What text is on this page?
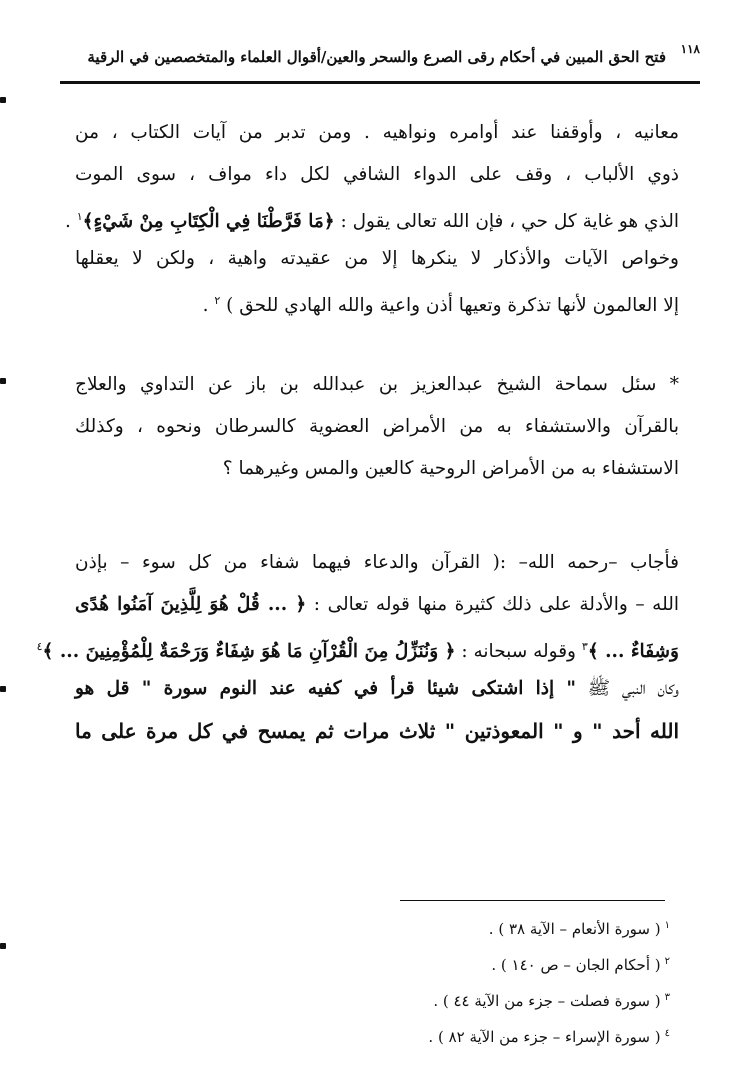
١١٨
فتح الحق المبين في أحكام رقى الصرع والسحر والعين/أقوال العلماء والمتخصصين في الرقية
معانيه ، وأوقفنا عند أوامره ونواهيه . ومن تدبر من آيات الكتاب ، من
ذوي الألباب ، وقف على الدواء الشافي لكل داء مواف ، سوى الموت
الذي هو غاية كل حي ، فإن الله تعالى يقول : ﴿مَا فَرَّطْنَا فِي الْكِتَابِ مِنْ شَيْءٍ﴾$^١$ .
وخواص الآيات والأذكار لا ينكرها إلا من عقيدته واهية ، ولكن لا يعقلها
إلا العالمون لأنها تذكرة وتعيها أذن واعية والله الهادي للحق ) $^٢$ .
* سئل سماحة الشيخ عبدالعزيز بن عبدالله بن باز عن التداوي والعلاج
بالقرآن والاستشفاء به من الأمراض العضوية كالسرطان ونحوه ، وكذلك
الاستشفاء به من الأمراض الروحية كالعين والمس وغيرهما ؟
فأجاب –رحمه الله– :( القرآن والدعاء فيهما شفاء من كل سوء – بإذن
الله – والأدلة على ذلك كثيرة منها قوله تعالى : ﴿ ... قُلْ هُوَ لِلَّذِينَ آمَنُوا هُدًى
وَشِفَاءٌ ... ﴾$^٣$ وقوله سبحانه : ﴿ وَنُنَزِّلُ مِنَ الْقُرْآنِ مَا هُوَ شِفَاءٌ وَرَحْمَةٌ لِلْمُؤْمِنِينَ ... ﴾$^٤$
وكان النبي ﷺ " إذا اشتكى شيئا قرأ في كفيه عند النوم سورة " قل هو
الله أحد " و " المعوذتين " ثلاث مرات ثم يمسح في كل مرة على ما
$^١$( سورة الأنعام – الآية ٣٨ ) .
$^٢$( أحكام الجان – ص ١٤٠ ) .
$^٣$( سورة فصلت – جزء من الآية ٤٤ ) .
$^٤$( سورة الإسراء – جزء من الآية ٨٢ ) .
